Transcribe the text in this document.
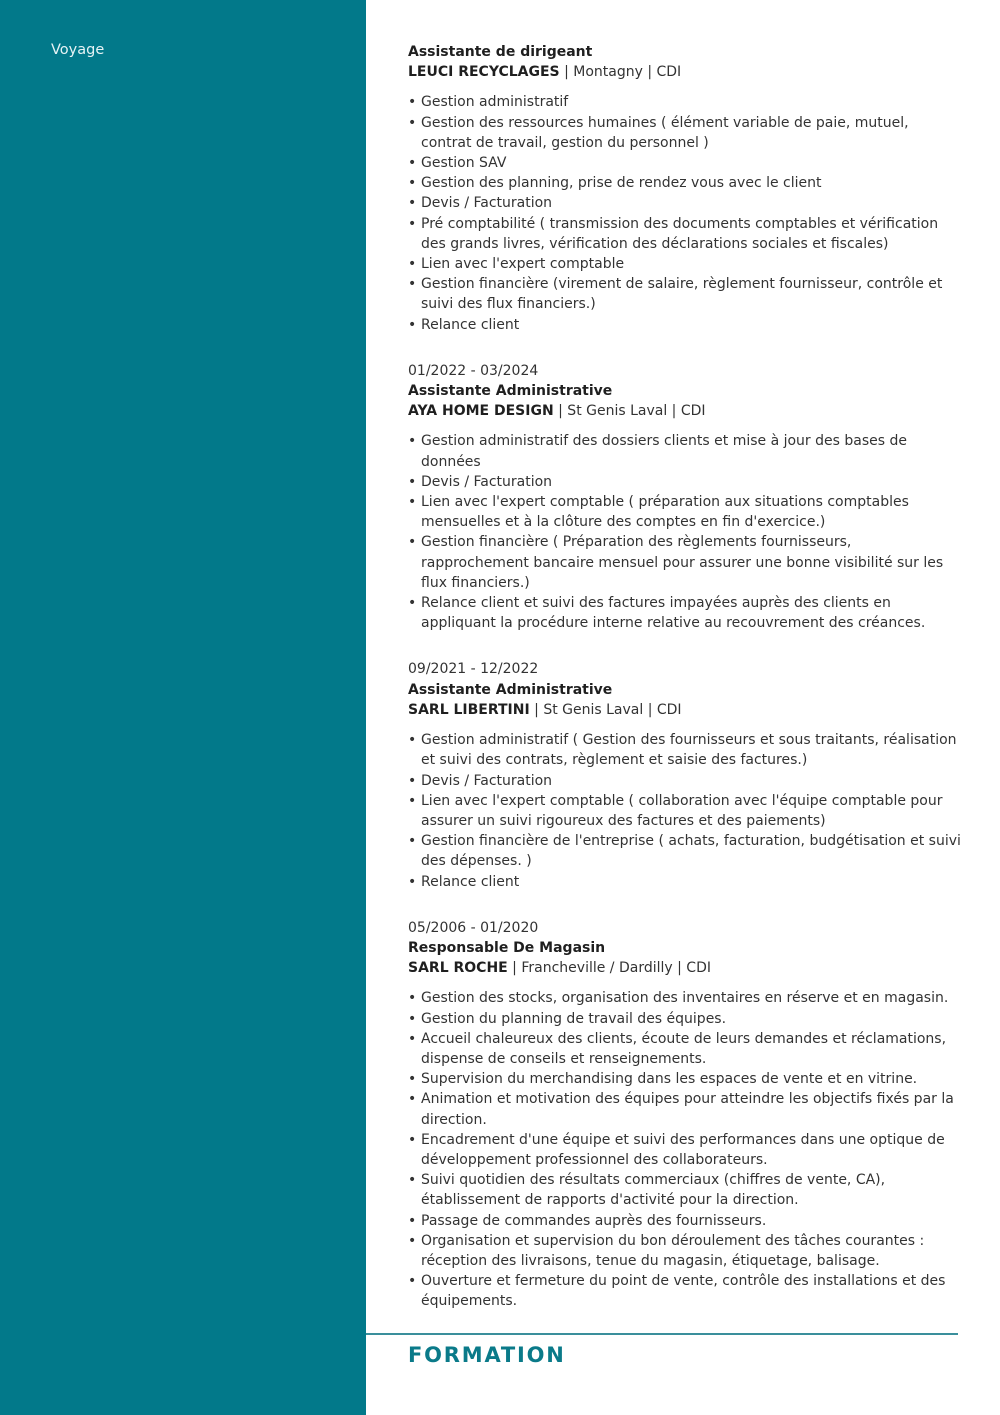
Voyage	Assistante de dirigeant
LEUCI RECYCLAGES | Montagny | CDI
• Gestion administratif
• Gestion des ressources humaines ( élément variable de paie, mutuel, contrat de travail, gestion du personnel )
• Gestion SAV
• Gestion des planning, prise de rendez vous avec le client
• Devis / Facturation
• Pré comptabilité ( transmission des documents comptables et vérification des grands livres, vérification des déclarations sociales et fiscales)
• Lien avec l'expert comptable
• Gestion financière (virement de salaire, règlement fournisseur, contrôle et suivi des flux financiers.)
• Relance client
01/2022 - 03/2024
Assistante Administrative
AYA HOME DESIGN | St Genis Laval | CDI
• Gestion administratif des dossiers clients et mise à jour des bases de données
• Devis / Facturation
• Lien avec l'expert comptable ( préparation aux situations comptables mensuelles et à la clôture des comptes en fin d'exercice.)
• Gestion financière ( Préparation des règlements fournisseurs, rapprochement bancaire mensuel pour assurer une bonne visibilité sur les flux financiers.)
• Relance client et suivi des factures impayées auprès des clients en appliquant la procédure interne relative au recouvrement des créances.
09/2021 - 12/2022
Assistante Administrative
SARL LIBERTINI | St Genis Laval | CDI
• Gestion administratif ( Gestion des fournisseurs et sous traitants, réalisation et suivi des contrats, règlement et saisie des factures.)
• Devis / Facturation
• Lien avec l'expert comptable ( collaboration avec l'équipe comptable pour assurer un suivi rigoureux des factures et des paiements)
• Gestion financière de l'entreprise ( achats, facturation, budgétisation et suivi des dépenses. )
• Relance client
05/2006 - 01/2020
Responsable De Magasin
SARL ROCHE | Francheville / Dardilly | CDI
• Gestion des stocks, organisation des inventaires en réserve et en magasin.
• Gestion du planning de travail des équipes.
• Accueil chaleureux des clients, écoute de leurs demandes et réclamations, dispense de conseils et renseignements.
• Supervision du merchandising dans les espaces de vente et en vitrine.
• Animation et motivation des équipes pour atteindre les objectifs fixés par la direction.
• Encadrement d'une équipe et suivi des performances dans une optique de développement professionnel des collaborateurs.
• Suivi quotidien des résultats commerciaux (chiffres de vente, CA), établissement de rapports d'activité pour la direction.
• Passage de commandes auprès des fournisseurs.
• Organisation et supervision du bon déroulement des tâches courantes : réception des livraisons, tenue du magasin, étiquetage, balisage.
• Ouverture et fermeture du point de vente, contrôle des installations et des équipements.
FORMATION
